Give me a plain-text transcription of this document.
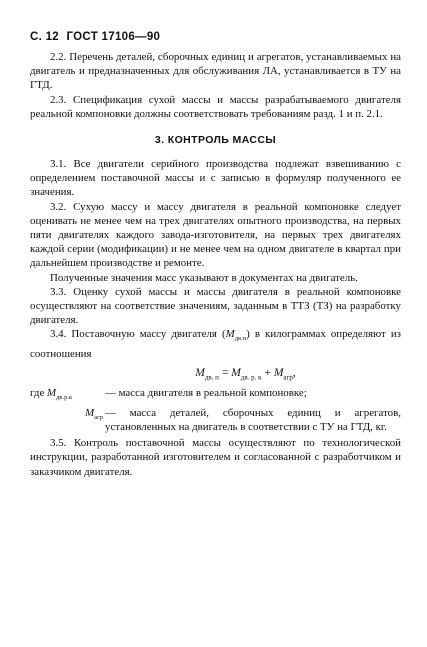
С. 12 ГОСТ 17106—90

2.2. Перечень деталей, сборочных единиц и агрегатов, устанавливаемых на двигатель и предназначенных для обслуживания ЛА, устанавливается в ТУ на ГТД.

2.3. Спецификация сухой массы и массы разрабатываемого двигателя реальной компоновки должны соответствовать требованиям разд. 1 и п. 2.1.

3. КОНТРОЛЬ МАССЫ

3.1. Все двигатели серийного производства подлежат взвешиванию с определением поставочной массы и с записью в формуляр полученного ее значения.

3.2. Сухую массу и массу двигателя в реальной компоновке следует оценивать не менее чем на трех двигателях опытного производства, на первых пяти двигателях каждого завода-изготовителя, на первых трех двигателях каждой серии (модификации) и не менее чем на одном двигателе в квартал при дальнейшем производстве и ремонте.

Полученные значения масс указывают в документах на двигатель.

3.3. Оценку сухой массы и массы двигателя в реальной компоновке осуществляют на соответствие значениям, заданным в ТТЗ (ТЗ) на разработку двигателя.

3.4. Поставочную массу двигателя $(M_{дв.п})$ в килограммах определяют из соотношения

$M_{дв. п} = M_{дв. р. к} + M_{агр}$,
где $M_{дв.р.к}$	— масса двигателя в реальной компоновке;
$M_{агр}$ — масса деталей, сборочных единиц и агрегатов, установленных на двигатель в соответствии с ТУ на ГТД, кг.

3.5. Контроль поставочной массы осуществляют по технологической инструкции, разработанной изготовителем и согласованной с разработчиком и заказчиком двигателя.
